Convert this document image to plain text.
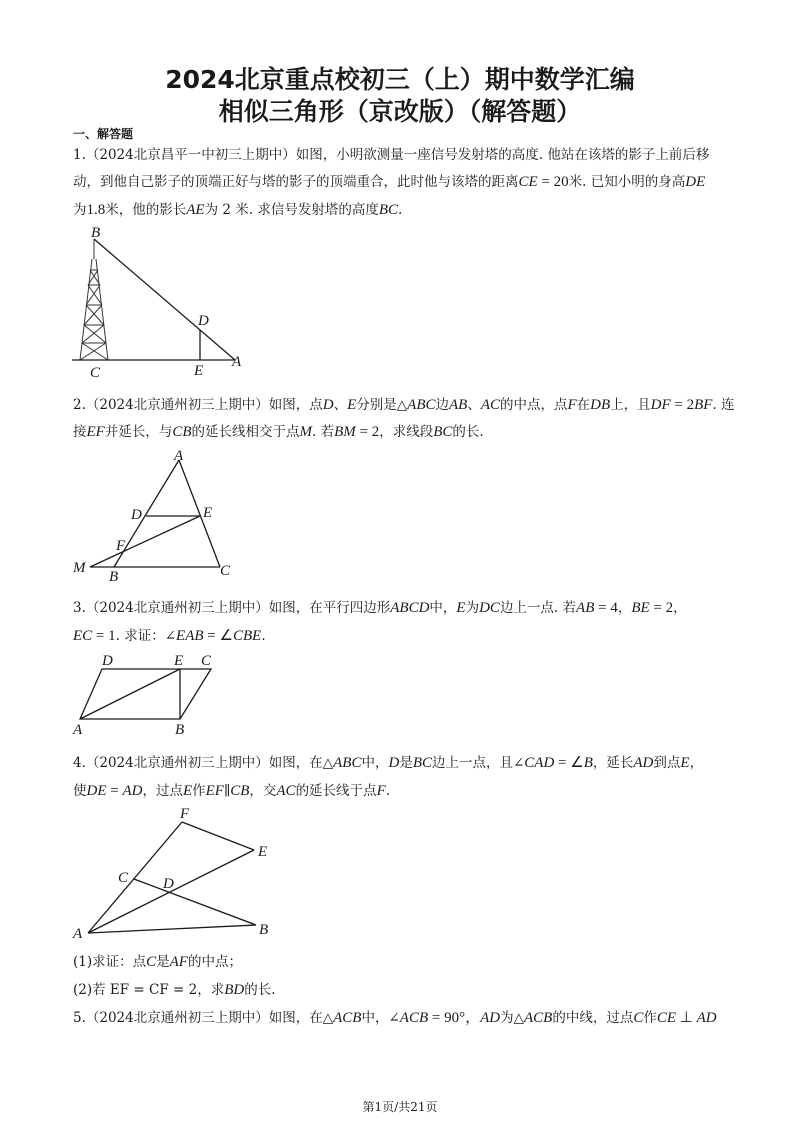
2024北京重点校初三（上）期中数学汇编
相似三角形（京改版）（解答题）
一、解答题
1.（2024北京昌平一中初三上期中）如图，小明欲测量一座信号发射塔的高度. 他站在该塔的影子上前后移
动，到他自己影子的顶端正好与塔的影子的顶端重合，此时他与该塔的距离CE = 20米. 已知小明的身高DE
为1.8米，他的影长AE为 2 米. 求信号发射塔的高度BC.
B
D
C	E
A
2.（2024北京通州初三上期中）如图，点D、E分别是△ABC边AB、AC的中点，点F在DB上，且DF = 2BF. 连
接EF并延长，与CB的延长线相交于点M. 若BM = 2，求线段BC的长.
A
D	E
F
M
B	C
3.（2024北京通州初三上期中）如图，在平行四边形ABCD中，E为DC边上一点. 若AB = 4，BE = 2，
EC = 1. 求证：∠EAB = ∠CBE.
D	E C
A	B
4.（2024北京通州初三上期中）如图，在△ABC中，D是BC边上一点，且∠CAD = ∠B，延长AD到点E，
使DE = AD，过点E作EF∥CB，交AC的延长线于点F.
F
E
C D
A	B
(1)求证：点C是AF的中点；
(2)若 EF = CF = 2，求BD的长.
5.（2024北京通州初三上期中）如图，在△ACB中，∠ACB = 90°，AD为△ACB的中线，过点C作CE ⊥ AD
第1页/共21页
